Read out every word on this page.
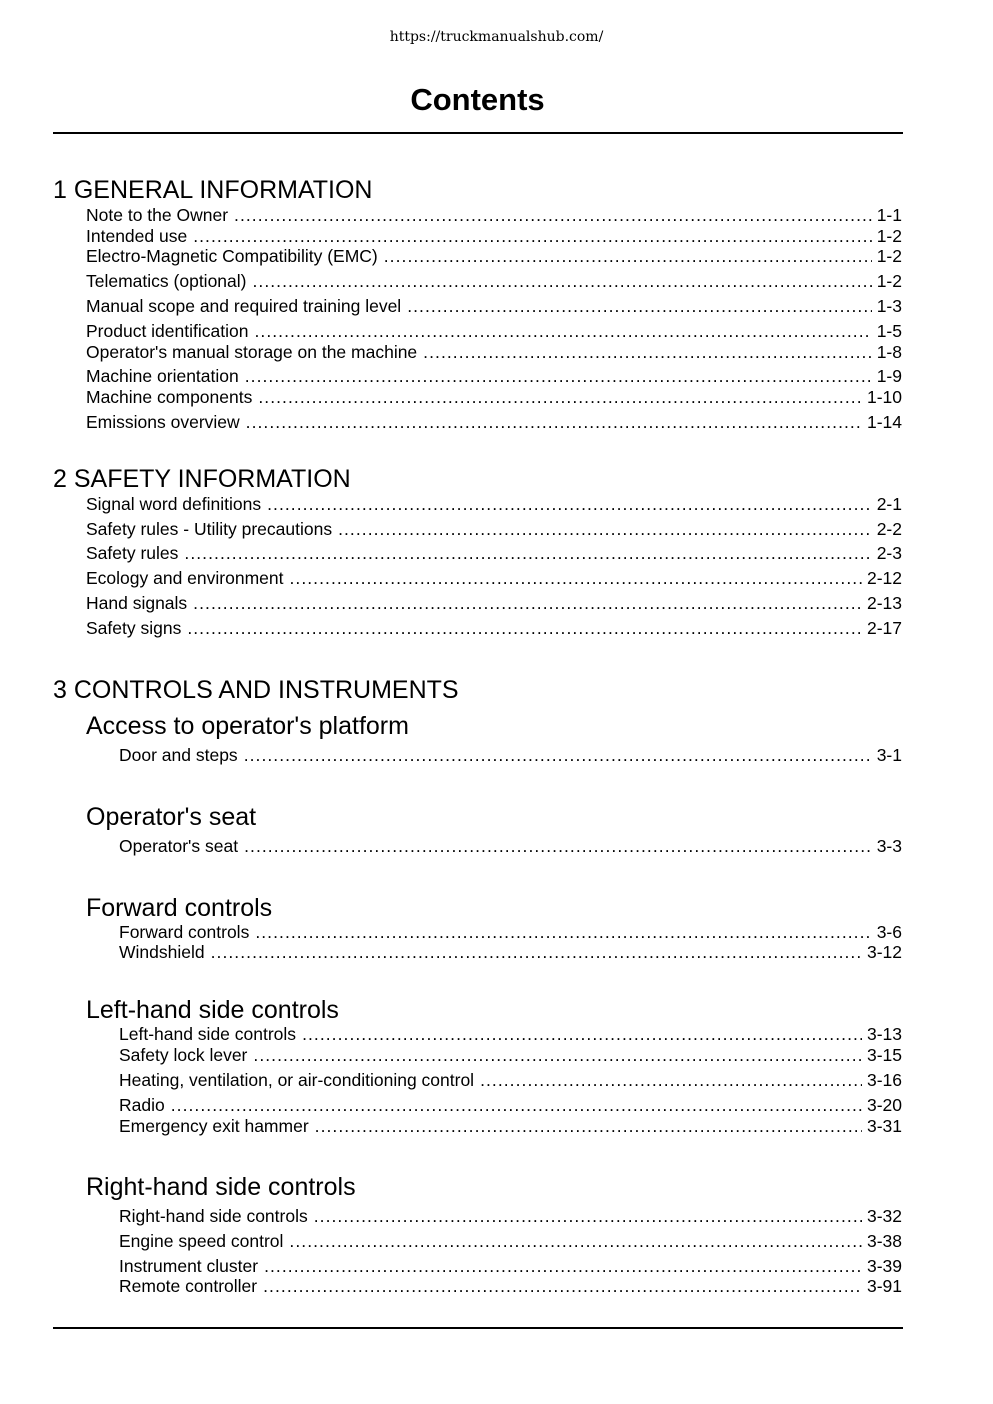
https://truckmanualshub.com/
Contents
1 GENERAL INFORMATION
Note to the Owner . . .	1-1
Intended use . . .	1-2
Electro-Magnetic Compatibility (EMC) . . .	1-2
Telematics (optional) . . .	1-2
Manual scope and required training level . . .	1-3
Product identification . . .	1-5
Operator's manual storage on the machine . . .	1-8
Machine orientation . . .	1-9
Machine components . . .	1-10
Emissions overview . . .	1-14
2 SAFETY INFORMATION
Signal word definitions . . .	2-1
Safety rules - Utility precautions . . .	2-2
Safety rules . . .	2-3
Ecology and environment . . .	2-12
Hand signals . . .	2-13
Safety signs . . .	2-17
3 CONTROLS AND INSTRUMENTS
Access to operator's platform
Door and steps . . .	3-1
Operator's seat
Operator's seat . . .	3-3
Forward controls
Forward controls . . .	3-6
Windshield . . .	3-12
Left-hand side controls
Left-hand side controls . . .	3-13
Safety lock lever . . .	3-15
Heating, ventilation, or air-conditioning control . . .	3-16
Radio . . .	3-20
Emergency exit hammer . . .	3-31
Right-hand side controls
Right-hand side controls . . .	3-32
Engine speed control . . .	3-38
Instrument cluster . . .	3-39
Remote controller . . .	3-91
